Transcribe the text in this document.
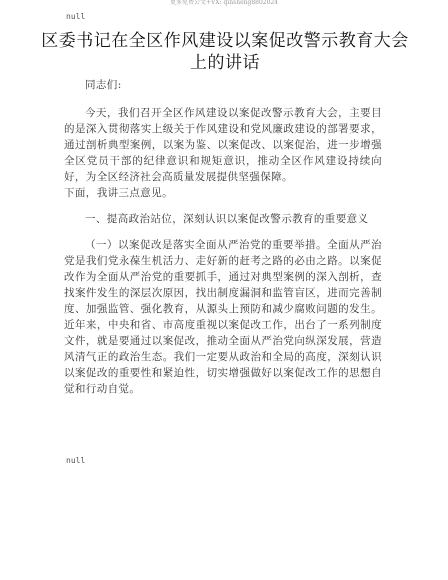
更多免费公文+VX: qinsheng8802024
null
区委书记在全区作风建设以案促改警示教育大会上的讲话

同志们:

今天，我们召开全区作风建设以案促改警示教育大会，主要目的是深入贯彻落实上级关于作风建设和党风廉政建设的部署要求，通过剖析典型案例，以案为鉴、以案促改、以案促治，进一步增强全区党员干部的纪律意识和规矩意识，推动全区作风建设持续向好，为全区经济社会高质量发展提供坚强保障。

下面，我讲三点意见。

一、提高政治站位，深刻认识以案促改警示教育的重要意义

（一）以案促改是落实全面从严治党的重要举措。全面从严治党是我们党永葆生机活力、走好新的赶考之路的必由之路。以案促改作为全面从严治党的重要抓手，通过对典型案例的深入剖析，查找案件发生的深层次原因，找出制度漏洞和监管盲区，进而完善制度、加强监管、强化教育，从源头上预防和减少腐败问题的发生。近年来，中央和省、市高度重视以案促改工作，出台了一系列制度文件，就是要通过以案促改，推动全面从严治党向纵深发展，营造风清气正的政治生态。我们一定要从政治和全局的高度，深刻认识以案促改的重要性和紧迫性，切实增强做好以案促改工作的思想自觉和行动自觉。

null
